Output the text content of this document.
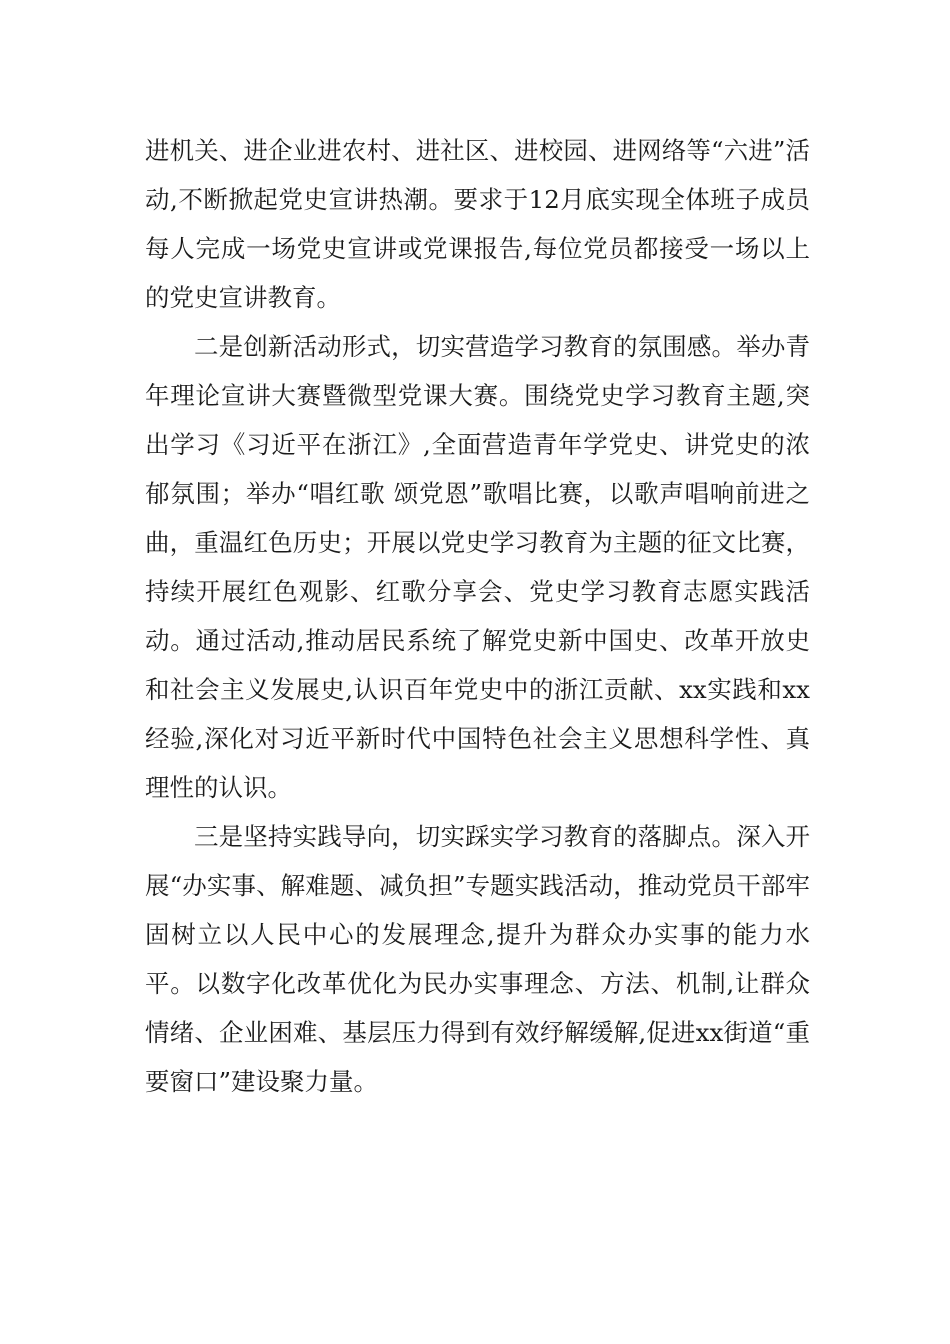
进机关、进企业进农村、进社区、进校园、进网络等“六进”活动,不断掀起党史宣讲热潮。要求于12月底实现全体班子成员每人完成一场党史宣讲或党课报告,每位党员都接受一场以上的党史宣讲教育。

二是创新活动形式，切实营造学习教育的氛围感。举办青年理论宣讲大赛暨微型党课大赛。围绕党史学习教育主题,突出学习《习近平在浙江》,全面营造青年学党史、讲党史的浓郁氛围；举办“唱红歌 颂党恩”歌唱比赛，以歌声唱响前进之曲，重温红色历史；开展以党史学习教育为主题的征文比赛，持续开展红色观影、红歌分享会、党史学习教育志愿实践活动。通过活动,推动居民系统了解党史新中国史、改革开放史和社会主义发展史,认识百年党史中的浙江贡献、xx实践和xx经验,深化对习近平新时代中国特色社会主义思想科学性、真理性的认识。

三是坚持实践导向，切实踩实学习教育的落脚点。深入开展“办实事、解难题、减负担”专题实践活动，推动党员干部牢固树立以人民中心的发展理念,提升为群众办实事的能力水平。以数字化改革优化为民办实事理念、方法、机制,让群众情绪、企业困难、基层压力得到有效纾解缓解,促进xx街道“重要窗口”建设聚力量。
